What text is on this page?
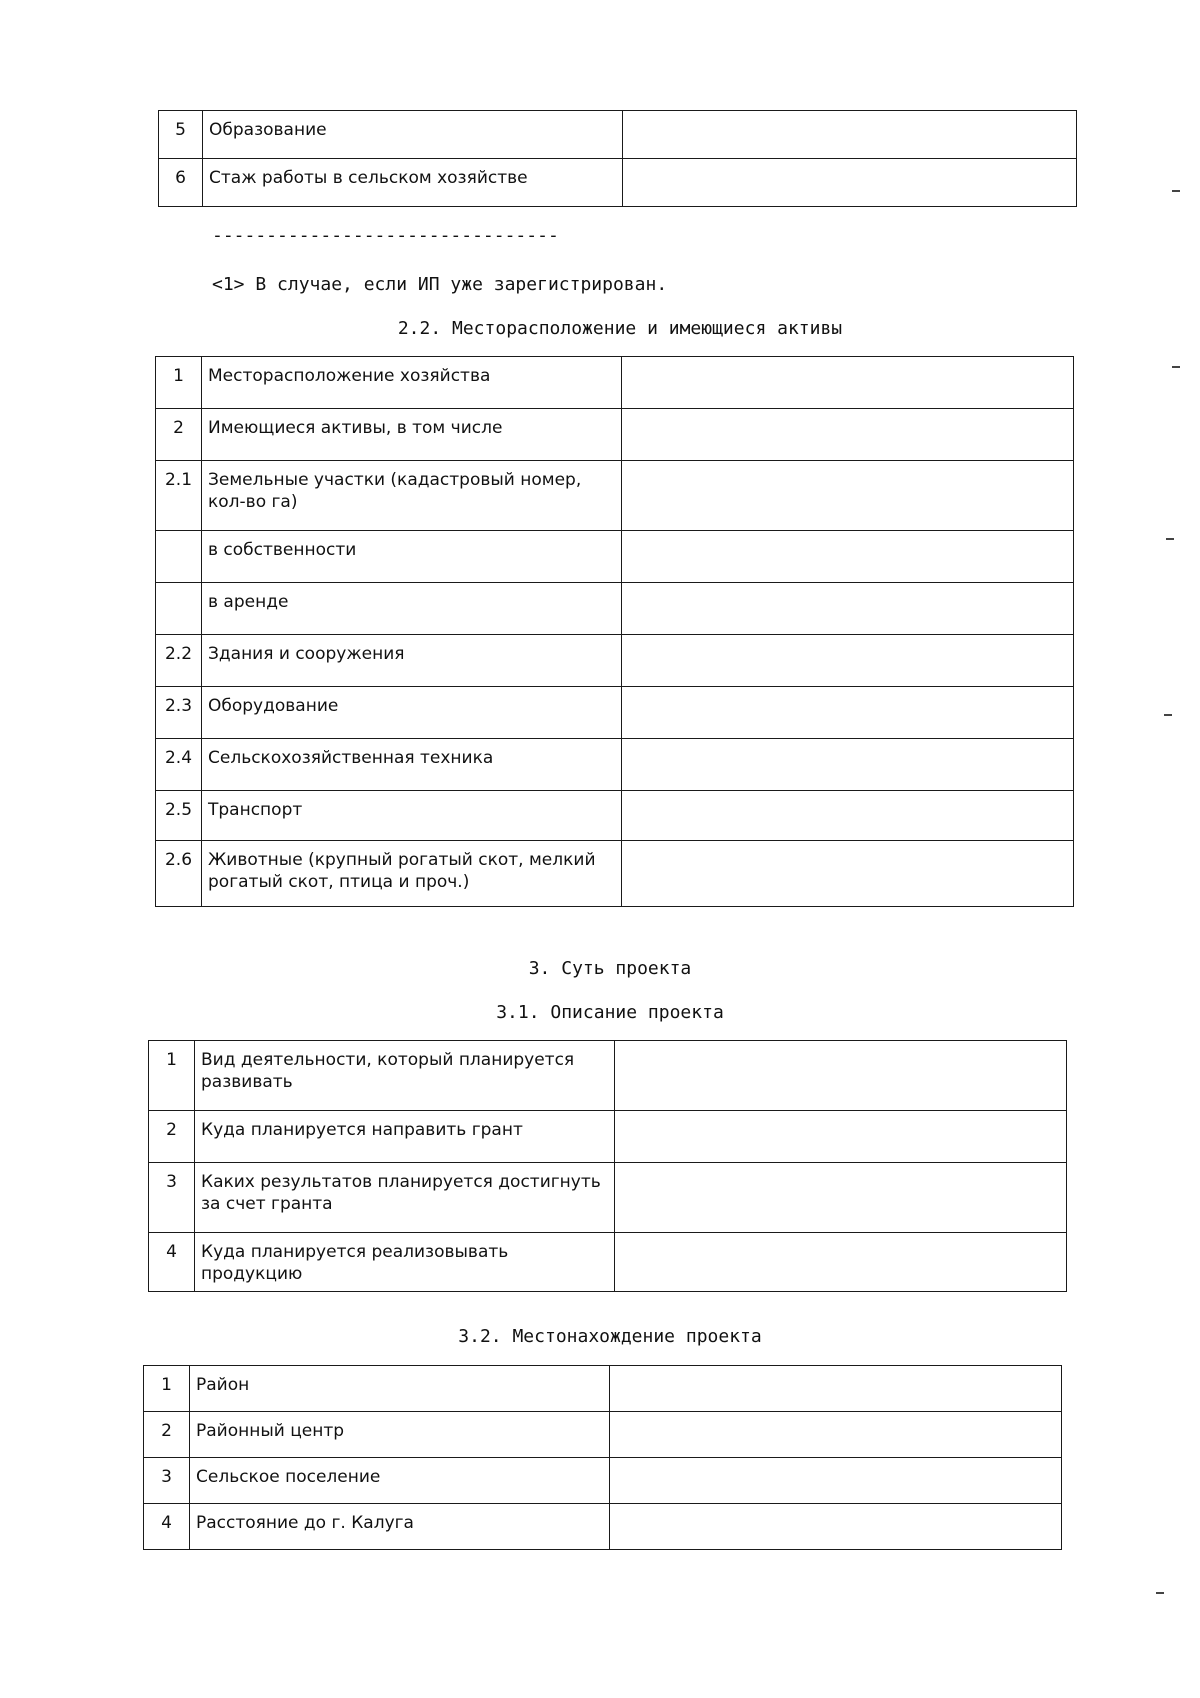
5	Образование	
6	Стаж работы в сельском хозяйстве	
--------------------------------
<1> В случае, если ИП уже зарегистрирован.
2.2. Месторасположение и имеющиеся активы
1	Месторасположение хозяйства	
2	Имеющиеся активы, в том числе	
2.1	Земельные участки (кадастровый номер, кол-во га)	
	в собственности	
	в аренде	
2.2	Здания и сооружения	
2.3	Оборудование	
2.4	Сельскохозяйственная техника	
2.5	Транспорт	
2.6	Животные (крупный рогатый скот, мелкий рогатый скот, птица и проч.)	
3. Суть проекта
3.1. Описание проекта
1	Вид деятельности, который планируется развивать	
2	Куда планируется направить грант	
3	Каких результатов планируется достигнуть за счет гранта	
4	Куда планируется реализовывать продукцию	
3.2. Местонахождение проекта
1	Район	
2	Районный центр	
3	Сельское поселение	
4	Расстояние до г. Калуга	
